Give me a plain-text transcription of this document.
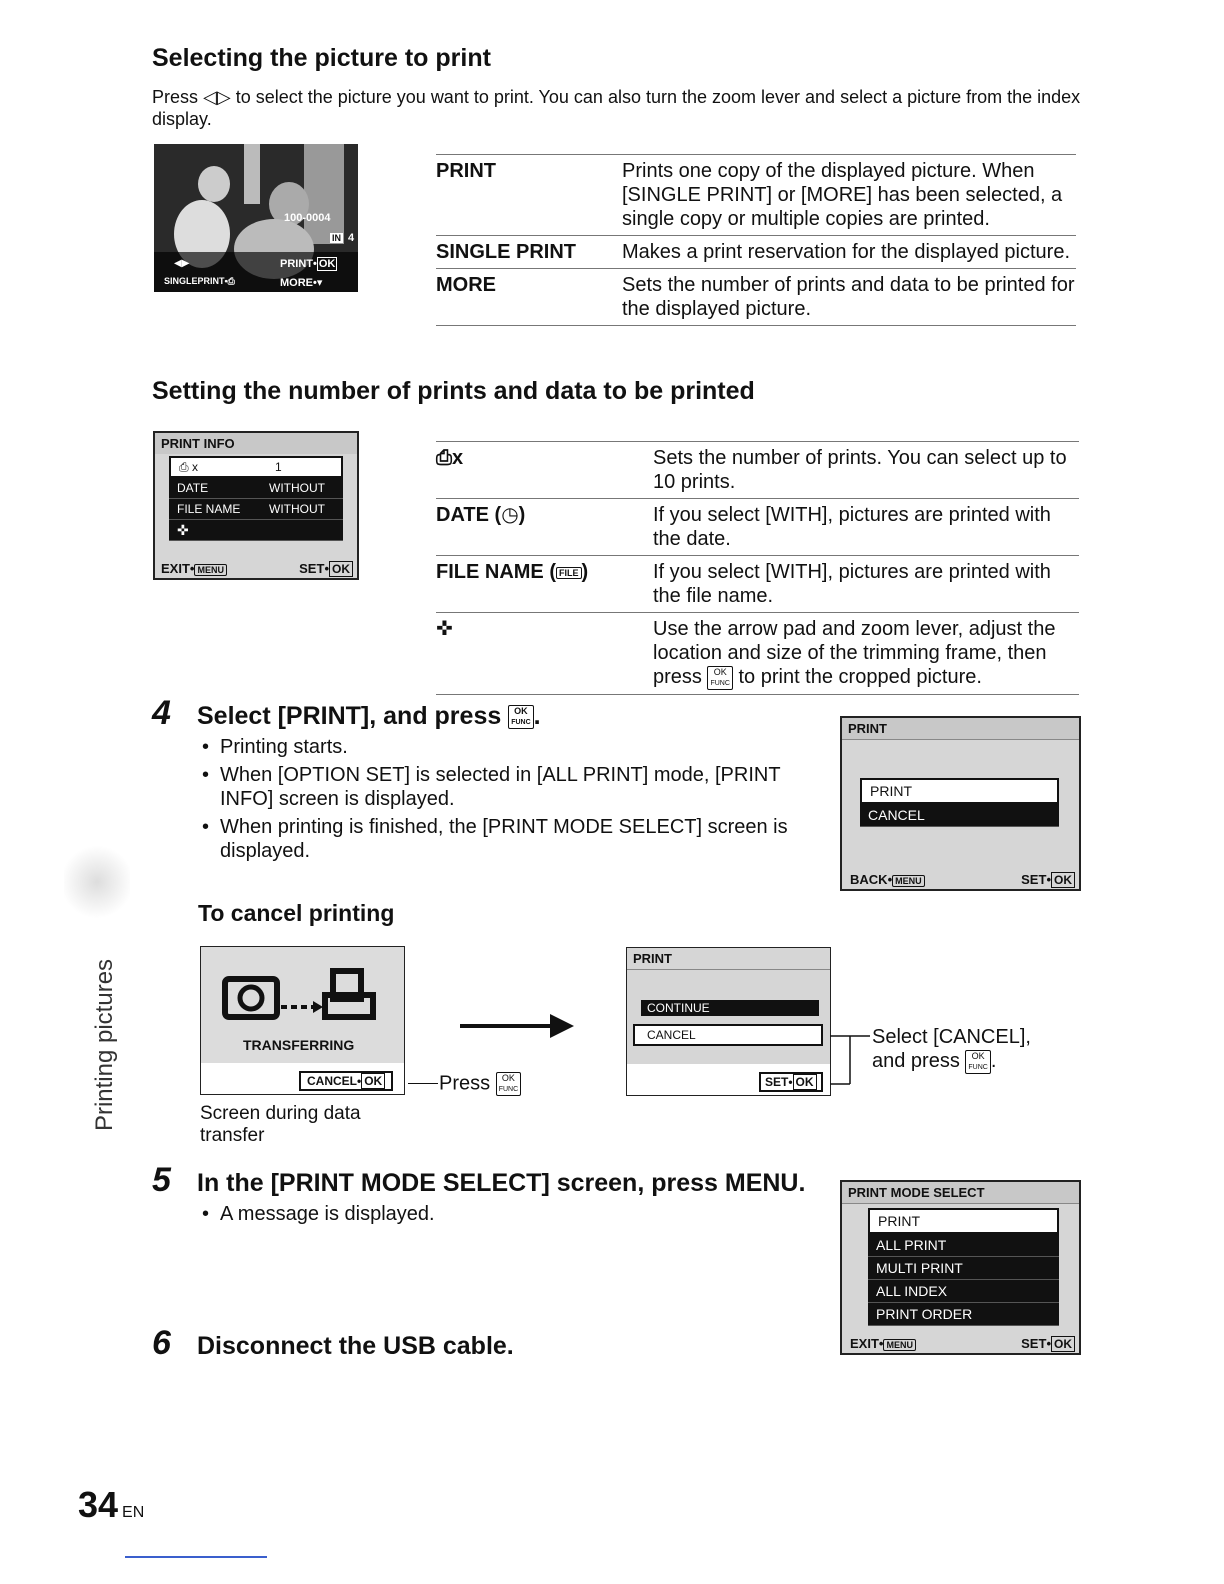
Selecting the picture to print
Press ◁▷ to select the picture you want to print. You can also turn the zoom lever and select a picture from the index display.
100-0004
IN 4
◀▶	PRINT• OK
SINGLEPRINT•⎙	MORE•▾
PRINT	Prints one copy of the displayed picture. When [SINGLE PRINT] or [MORE] has been selected, a single copy or multiple copies are printed.
SINGLE PRINT	Makes a print reservation for the displayed picture.
MORE	Sets the number of prints and data to be printed for the displayed picture.
Setting the number of prints and data to be printed
PRINT INFO
⎙ x	1
DATE	WITHOUT
FILE NAME WITHOUT
✜
EXIT• MENU	SET• OK
⎙x	Sets the number of prints. You can select up to 10 prints.
DATE (◷)	If you select [WITH], pictures are printed with the date.
FILE NAME ( FILE )	If you select [WITH], pictures are printed with the file name.
✜	Use the arrow pad and zoom lever, adjust the location and size of the trimming frame, then press OK
FUNC to print the cropped picture.
4 Select [PRINT], and press OK
FUNC .
• Printing starts.
• When [OPTION SET] is selected in [ALL PRINT] mode, [PRINT INFO] screen is displayed.
• When printing is finished, the [PRINT MODE SELECT] screen is displayed.
PRINT
PRINT
CANCEL
BACK• MENU	SET• OK
To cancel printing
TRANSFERRING
CANCEL• OK	Press OK
FUNC
Screen during data transfer
PRINT
CONTINUE
CANCEL
SET• OK
Select [CANCEL],
and press OK
FUNC .
5 In the [PRINT MODE SELECT] screen, press MENU.
• A message is displayed.
PRINT MODE SELECT
PRINT
ALL PRINT
MULTI PRINT
ALL INDEX
PRINT ORDER
EXIT• MENU	SET• OK
6 Disconnect the USB cable.
Printing pictures
34 EN
